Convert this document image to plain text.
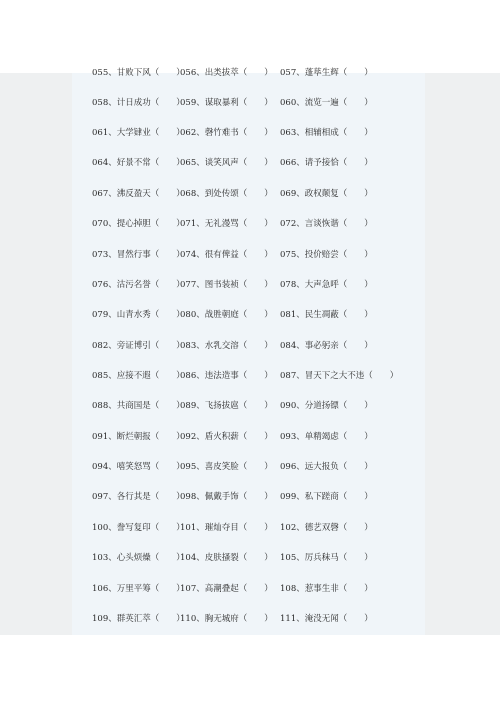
055、甘败下风（　　）
056、出类拔萃（　　） 057、蓬荜生辉（　　）
058、计日成功（　　）
059、谋取暴利（　　） 060、流览一遍（　　）
061、大学肄业（　　）
062、磬竹难书（　　） 063、相辅相成（　　）
064、好景不常（　　）
065、谈笑风声（　　） 066、请予接恰（　　）
067、沸反盈天（　　）
068、到处传颂（　　） 069、政权颠复（　　）
070、提心掉胆（　　）
071、无礼漫骂（　　） 072、言谈恢谐（　　）
073、冒然行事（　　）
074、很有俾益（　　） 075、投价赔尝（　　）
076、沽污名誉（　　）
077、图书装祯（　　） 078、大声急呼（　　）
079、山青水秀（　　）
080、战胜朝庭（　　） 081、民生凋蔽（　　）
082、旁证博引（　　）
083、水乳交溶（　　） 084、事必躬亲（　　）
085、应接不遐（　　）
086、违法造事（　　） 087、冒天下之大不违（　　）
088、共商国是（　　）
089、飞扬拔扈（　　） 090、分道扬镖（　　）
091、断烂朝报（　　）
092、盾火积薪（　　） 093、单精竭虑（　　）
094、嘻笑怒骂（　　）
095、喜皮笑脸（　　） 096、远大报负（　　）
097、各行其是（　　）
098、佩戴手饰（　　） 099、私下蹉商（　　）
100、誊写复印（　　）
101、璀灿夺目（　　） 102、德艺双磬（　　）
103、心头烦燥（　　）
104、皮肤搔裂（　　） 105、厉兵秣马（　　）
106、万里平筹（　　）
107、高潮叠起（　　） 108、惹事生非（　　）
109、群英汇萃（　　）
110、胸无城府（　　） 111、淹没无闻（　　）
